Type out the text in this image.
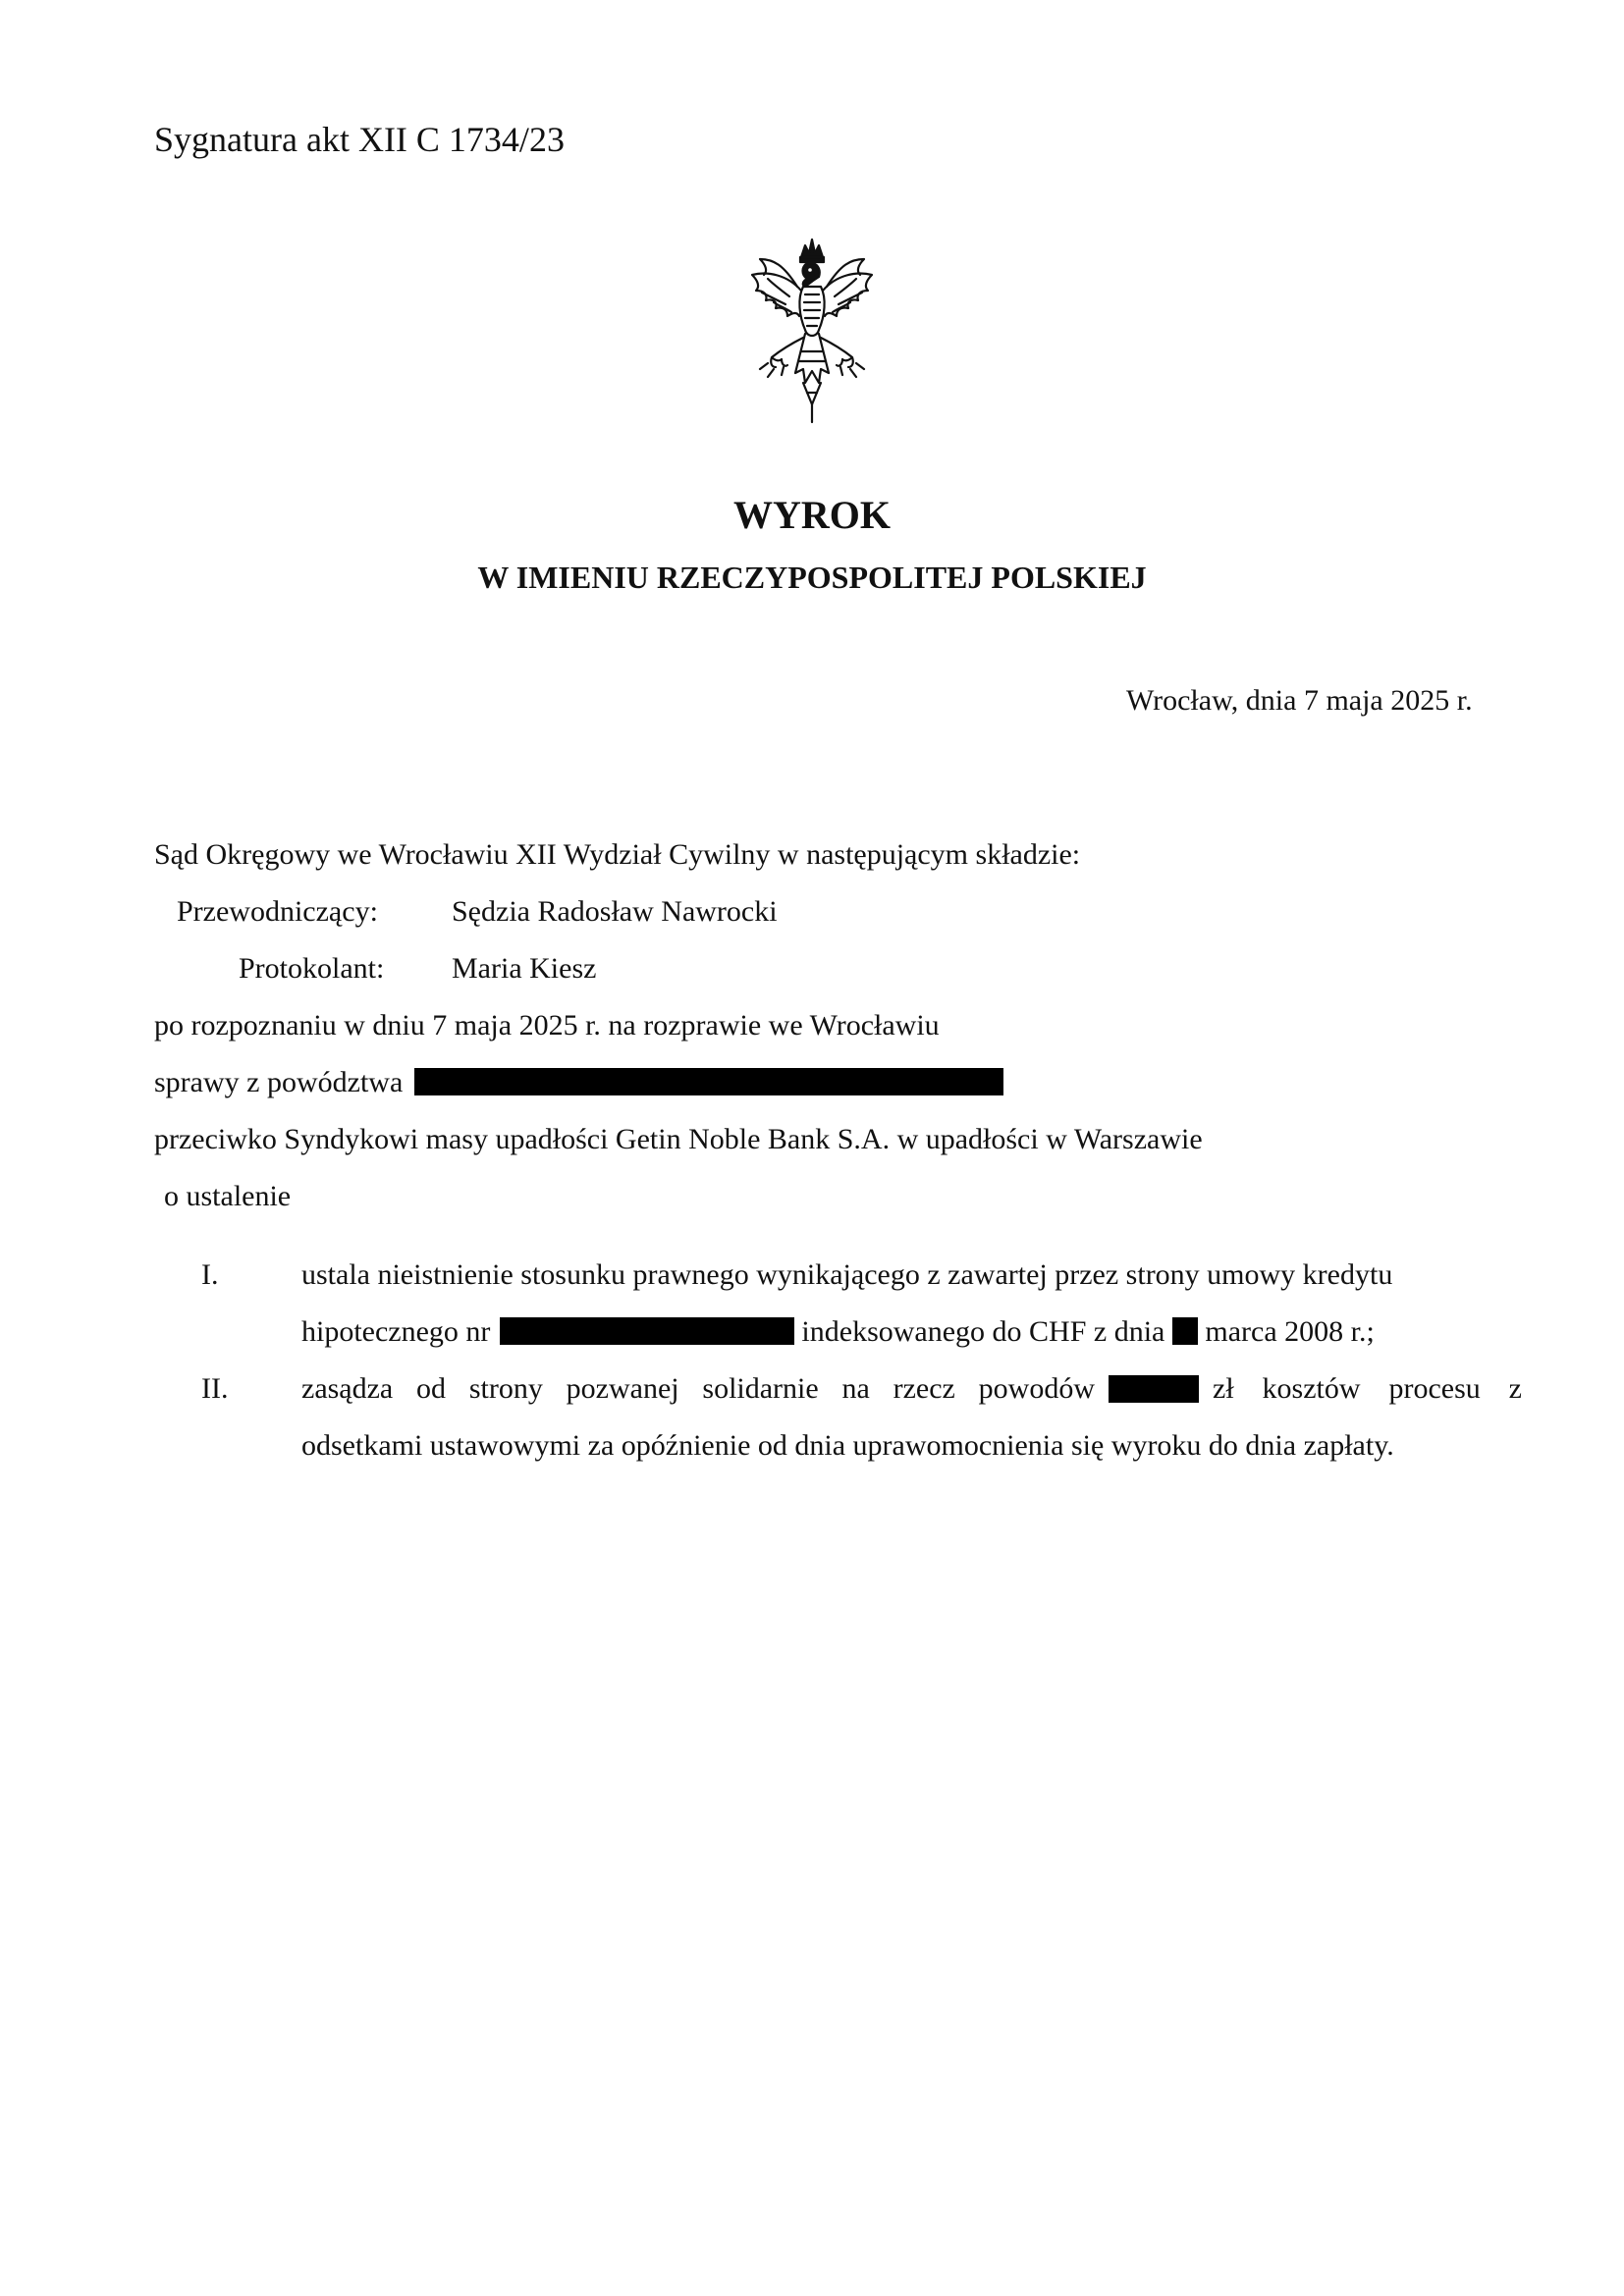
Sygnatura akt XII C 1734/23
WYROK
W IMIENIU RZECZYPOSPOLITEJ POLSKIEJ
Wrocław, dnia 7 maja 2025 r.
Sąd Okręgowy we Wrocławiu XII Wydział Cywilny w następującym składzie:
Przewodniczący:	Sędzia Radosław Nawrocki
Protokolant: Maria Kiesz
po rozpoznaniu w dniu 7 maja 2025 r. na rozprawie we Wrocławiu
sprawy z powództwa
przeciwko Syndykowi masy upadłości Getin Noble Bank S.A. w upadłości w Warszawie
o ustalenie
I.	ustala nieistnienie stosunku prawnego wynikającego z zawartej przez strony umowy kredytu
hipotecznego nr	indeksowanego do CHF z dnia marca 2008 r.;
II. zasądza od strony pozwanej solidarnie na rzecz powodów	zł kosztów procesu z
odsetkami ustawowymi za opóźnienie od dnia uprawomocnienia się wyroku do dnia zapłaty.
